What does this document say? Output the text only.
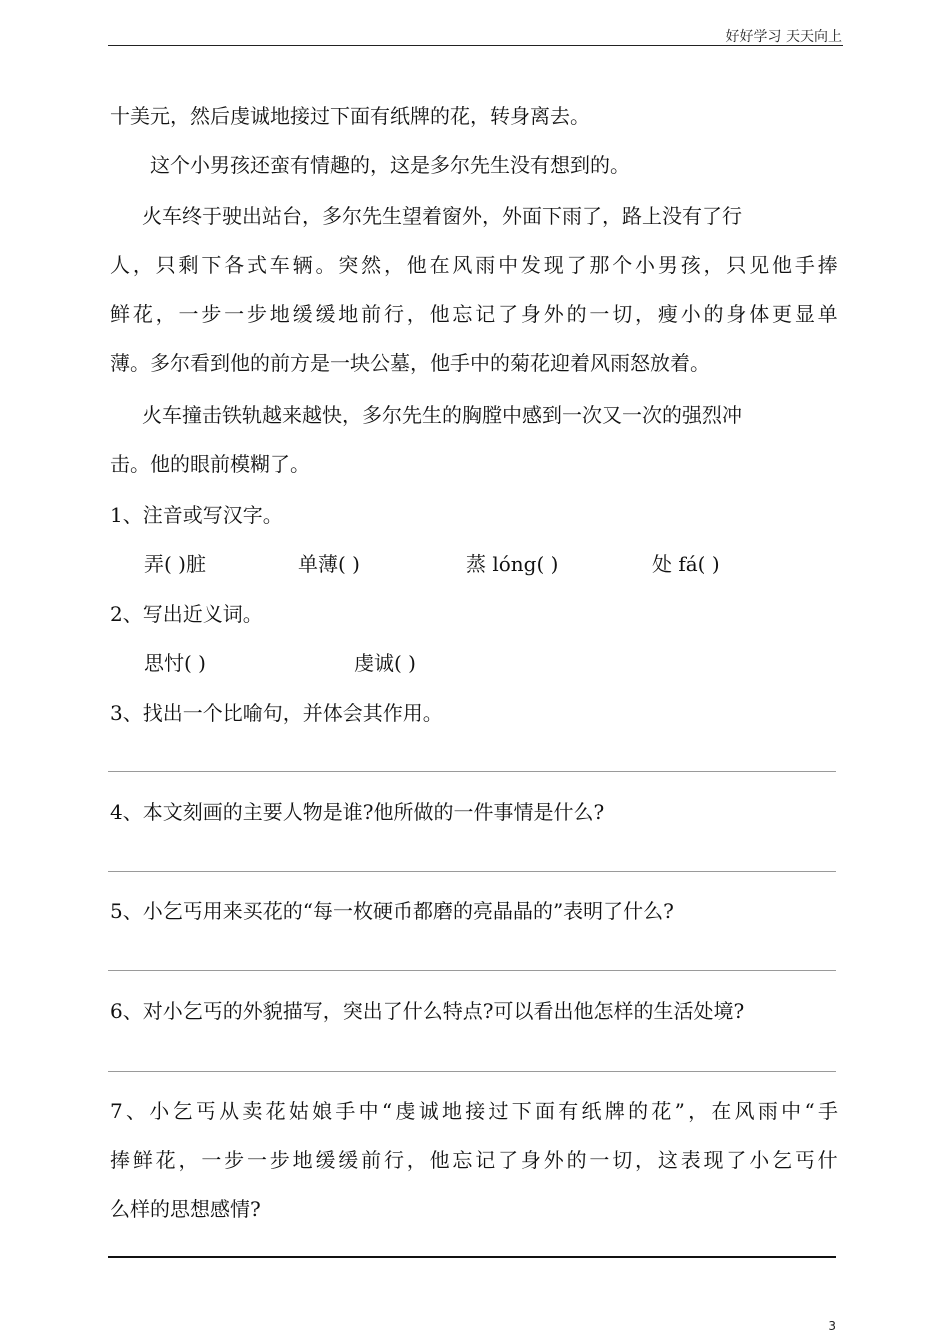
好好学习 天天向上
十美元，然后虔诚地接过下面有纸牌的花，转身离去。
这个小男孩还蛮有情趣的，这是多尔先生没有想到的。
火车终于驶出站台，多尔先生望着窗外，外面下雨了，路上没有了行
人 ， 只 剩 下 各 式 车 辆 。 突 然 ， 他 在 风 雨 中 发 现 了 那 个 小 男 孩 ， 只 见 他 手 捧
鲜 花 ， 一 步 一 步 地 缓 缓 地 前 行 ， 他 忘 记 了 身 外 的 一 切 ， 瘦 小 的 身 体 更 显 单
薄。多尔看到他的前方是一块公墓，他手中的菊花迎着风雨怒放着。
火车撞击铁轨越来越快，多尔先生的胸膛中感到一次又一次的强烈冲
击。他的眼前模糊了。
1、注音或写汉字。
弄( )脏	单薄( )	蒸 lóng( )	处 fá( )
2、写出近义词。
思忖( )	虔诚( )
3、找出一个比喻句，并体会其作用。
4、本文刻画的主要人物是谁?他所做的一件事情是什么?
5、小乞丐用来买花的“每一枚硬币都磨的亮晶晶的”表明了什么?
6、对小乞丐的外貌描写，突出了什么特点?可以看出他怎样的生活处境?
7 、 小 乞 丐 从 卖 花 姑 娘 手 中 “ 虔 诚 地 接 过 下 面 有 纸 牌 的 花 ” ， 在 风 雨 中 “ 手
捧 鲜 花 ， 一 步 一 步 地 缓 缓 前 行 ， 他 忘 记 了 身 外 的 一 切 ， 这 表 现 了 小 乞 丐 什
么样的思想感情?
3
